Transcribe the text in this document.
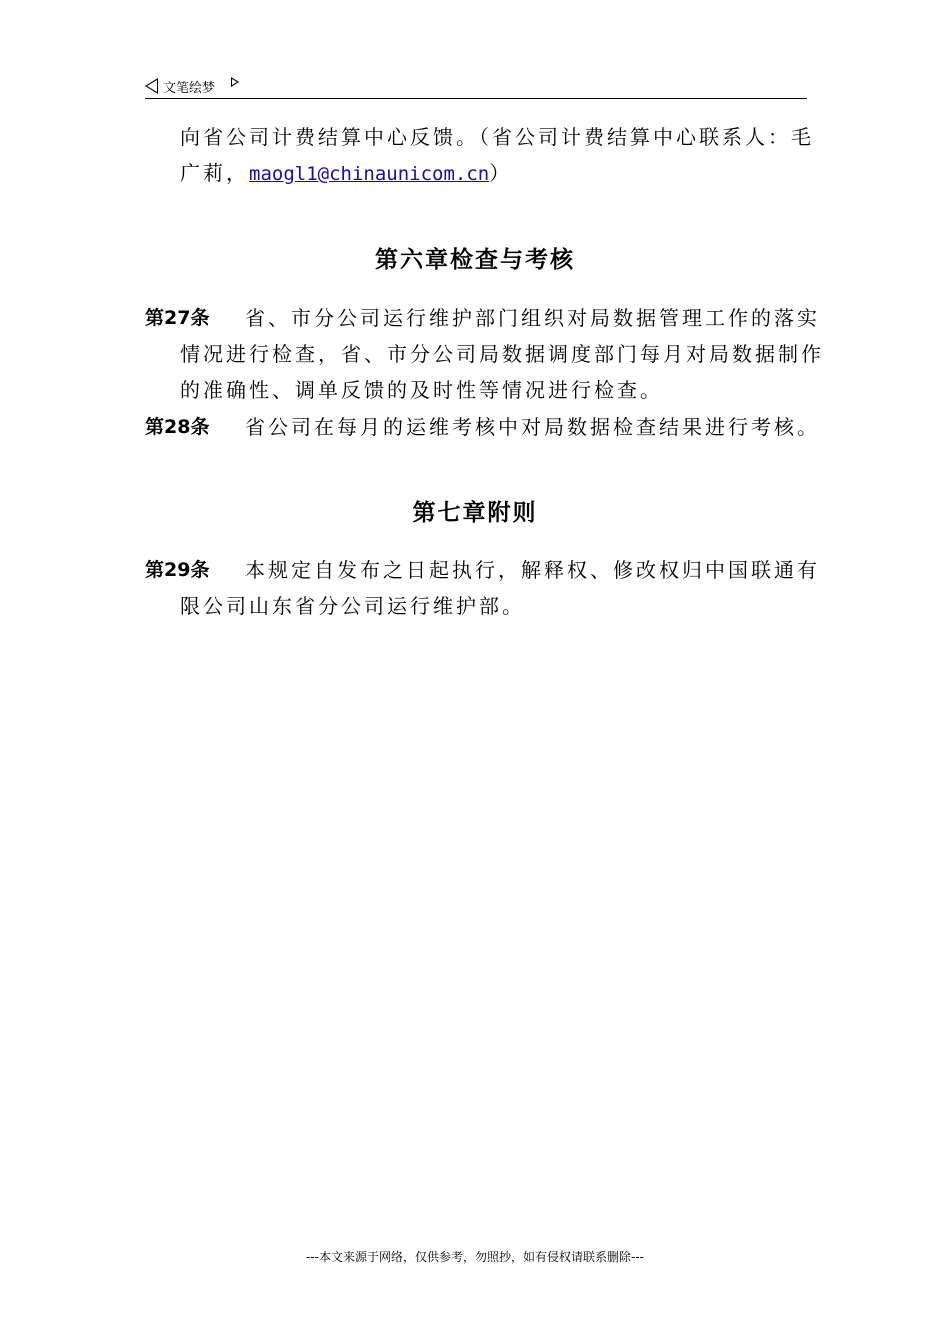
文笔绘梦
向省公司计费结算中心反馈。（省公司计费结算中心联系人：毛
广莉，maogl1@chinaunicom.cn）
第六章检查与考核
第27条 省、市分公司运行维护部门组织对局数据管理工作的落实
情况进行检查，省、市分公司局数据调度部门每月对局数据制作
的准确性、调单反馈的及时性等情况进行检查。
第28条 省公司在每月的运维考核中对局数据检查结果进行考核。
第七章附则
第29条 本规定自发布之日起执行，解释权、修改权归中国联通有
限公司山东省分公司运行维护部。
---本文来源于网络，仅供参考，勿照抄，如有侵权请联系删除---
